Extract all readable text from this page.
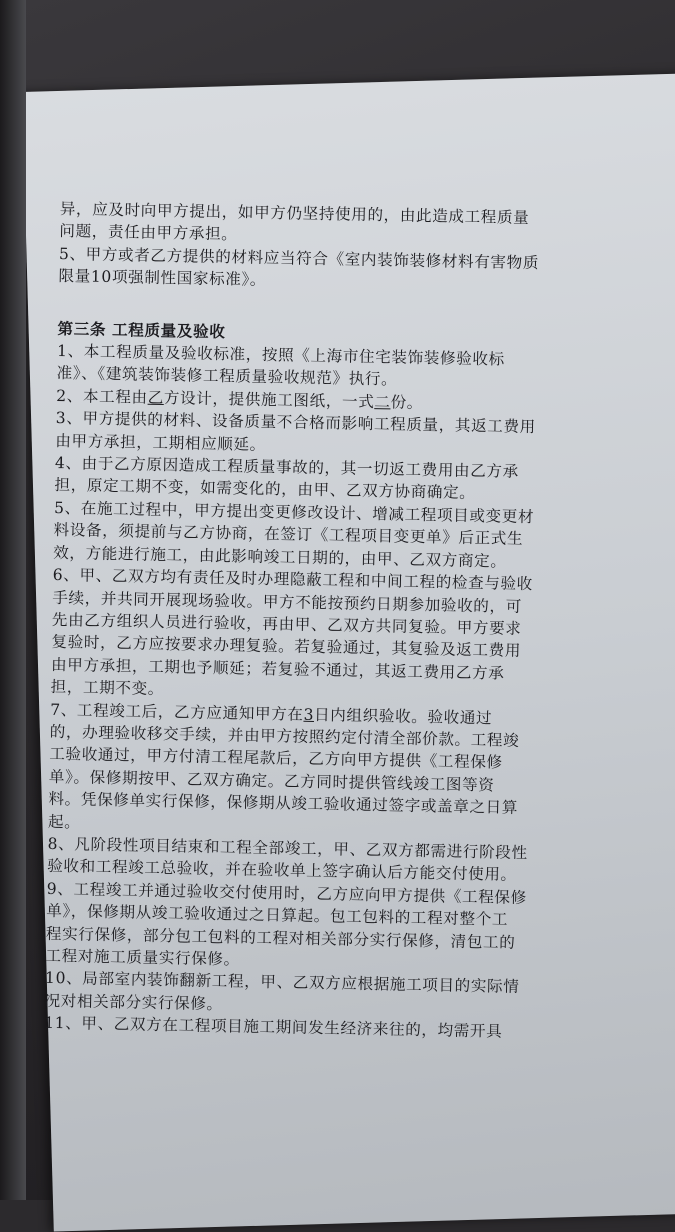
异，应及时向甲方提出，如甲方仍坚持使用的，由此造成工程质量

问题，责任由甲方承担。

5、甲方或者乙方提供的材料应当符合《室内装饰装修材料有害物质

限量10项强制性国家标准》。

第三条 工程质量及验收

1、本工程质量及验收标准，按照《上海市住宅装饰装修验收标

准》、《建筑装饰装修工程质量验收规范》执行。

2、本工程由乙方设计，提供施工图纸，一式二份。

3、甲方提供的材料、设备质量不合格而影响工程质量，其返工费用

由甲方承担，工期相应顺延。

4、由于乙方原因造成工程质量事故的，其一切返工费用由乙方承

担，原定工期不变，如需变化的，由甲、乙双方协商确定。

5、在施工过程中，甲方提出变更修改设计、增减工程项目或变更材

料设备，须提前与乙方协商，在签订《工程项目变更单》后正式生

效，方能进行施工，由此影响竣工日期的，由甲、乙双方商定。

6、甲、乙双方均有责任及时办理隐蔽工程和中间工程的检查与验收

手续，并共同开展现场验收。甲方不能按预约日期参加验收的，可

先由乙方组织人员进行验收，再由甲、乙双方共同复验。甲方要求

复验时，乙方应按要求办理复验。若复验通过，其复验及返工费用

由甲方承担，工期也予顺延；若复验不通过，其返工费用乙方承

担，工期不变。

7、工程竣工后，乙方应通知甲方在3日内组织验收。验收通过

的，办理验收移交手续，并由甲方按照约定付清全部价款。工程竣

工验收通过，甲方付清工程尾款后，乙方向甲方提供《工程保修

单》。保修期按甲、乙双方确定。乙方同时提供管线竣工图等资

料。凭保修单实行保修，保修期从竣工验收通过签字或盖章之日算

起。

8、凡阶段性项目结束和工程全部竣工，甲、乙双方都需进行阶段性

验收和工程竣工总验收，并在验收单上签字确认后方能交付使用。

9、工程竣工并通过验收交付使用时，乙方应向甲方提供《工程保修

单》，保修期从竣工验收通过之日算起。包工包料的工程对整个工

程实行保修，部分包工包料的工程对相关部分实行保修，清包工的

工程对施工质量实行保修。

10、局部室内装饰翻新工程，甲、乙双方应根据施工项目的实际情

况对相关部分实行保修。

11、甲、乙双方在工程项目施工期间发生经济来往的，均需开具
